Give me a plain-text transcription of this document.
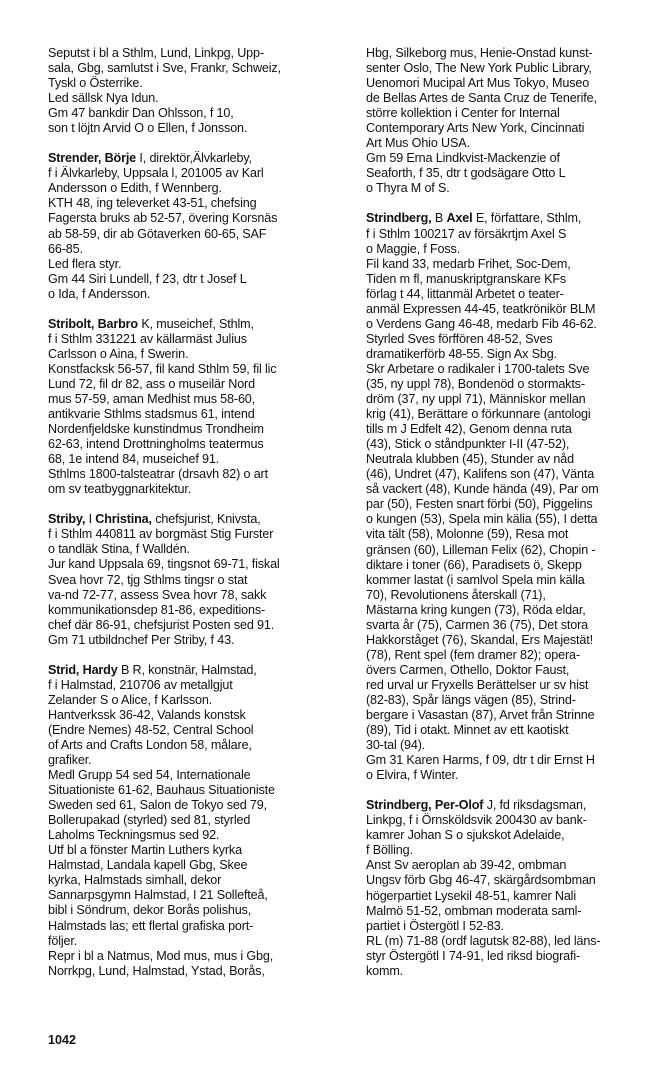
Seputst i bl a Sthlm, Lund, Linkpg, Upp-
sala, Gbg, samlutst i Sve, Frankr, Schweiz,
Tyskl o Österrike.
Led sällsk Nya Idun.
Gm 47 bankdir Dan Ohlsson, f 10,
son t löjtn Arvid O o Ellen, f Jonsson.
Strender, Börje I, direktör,Älvkarleby,
f i Älvkarleby, Uppsala l, 201005 av Karl
Andersson o Edith, f Wennberg.
KTH 48, ing televerket 43-51, chefsing
Fagersta bruks ab 52-57, övering Korsnäs
ab 58-59, dir ab Götaverken 60-65, SAF
66-85.
Led flera styr.
Gm 44 Siri Lundell, f 23, dtr t Josef L
o Ida, f Andersson.
Stribolt, Barbro K, museichef, Sthlm,
f i Sthlm 331221 av källarmäst Julius
Carlsson o Aina, f Swerin.
Konstfacksk 56-57, fil kand Sthlm 59, fil lic
Lund 72, fil dr 82, ass o museilär Nord
mus 57-59, aman Medhist mus 58-60,
antikvarie Sthlms stadsmus 61, intend
Nordenfjeldske kunstindmus Trondheim
62-63, intend Drottningholms teatermus
68, 1e intend 84, museichef 91.
Sthlms 1800-talsteatrar (drsavh 82) o art
om sv teatbyggnarkitektur.
Striby, I Christina, chefsjurist, Knivsta,
f i Sthlm 440811 av borgmäst Stig Furster
o tandläk Stina, f Walldén.
Jur kand Uppsala 69, tingsnot 69-71, fiskal
Svea hovr 72, tjg Sthlms tingsr o stat
va-nd 72-77, assess Svea hovr 78, sakk
kommunikationsdep 81-86, expeditions-
chef där 86-91, chefsjurist Posten sed 91.
Gm 71 utbildnchef Per Striby, f 43.
Strid, Hardy B R, konstnär, Halmstad,
f i Halmstad, 210706 av metallgjut
Zelander S o Alice, f Karlsson.
Hantverkssk 36-42, Valands konstsk
(Endre Nemes) 48-52, Central School
of Arts and Crafts London 58, målare,
grafiker.
Medl Grupp 54 sed 54, Internationale
Situationiste 61-62, Bauhaus Situationiste
Sweden sed 61, Salon de Tokyo sed 79,
Bollerupakad (styrled) sed 81, styrled
Laholms Teckningsmus sed 92.
Utf bl a fönster Martin Luthers kyrka
Halmstad, Landala kapell Gbg, Skee
kyrka, Halmstads simhall, dekor
Sannarpsgymn Halmstad, I 21 Sollefteå,
bibl i Söndrum, dekor Borås polishus,
Halmstads las; ett flertal grafiska port-
följer.
Repr i bl a Natmus, Mod mus, mus i Gbg,
Norrkpg, Lund, Halmstad, Ystad, Borås,
Hbg, Silkeborg mus, Henie-Onstad kunst-
senter Oslo, The New York Public Library,
Uenomori Mucipal Art Mus Tokyo, Museo
de Bellas Artes de Santa Cruz de Tenerife,
större kollektion i Center for Internal
Contemporary Arts New York, Cincinnati
Art Mus Ohio USA.
Gm 59 Erna Lindkvist-Mackenzie of
Seaforth, f 35, dtr t godsägare Otto L
o Thyra M of S.
Strindberg, B Axel E, författare, Sthlm,
f i Sthlm 100217 av försäkrtjm Axel S
o Maggie, f Foss.
Fil kand 33, medarb Frihet, Soc-Dem,
Tiden m fl, manuskriptgranskare KFs
förlag t 44, littanmäl Arbetet o teater-
anmäl Expressen 44-45, teatkrönikör BLM
o Verdens Gang 46-48, medarb Fib 46-62.
Styrled Sves förffören 48-52, Sves
dramatikerförb 48-55. Sign Ax Sbg.
Skr Arbetare o radikaler i 1700-talets Sve
(35, ny uppl 78), Bondenöd o stormakts-
dröm (37, ny uppl 71), Människor mellan
krig (41), Berättare o förkunnare (antologi
tills m J Edfelt 42), Genom denna ruta
(43), Stick o ståndpunkter I-II (47-52),
Neutrala klubben (45), Stunder av nåd
(46), Undret (47), Kalifens son (47), Vänta
så vackert (48), Kunde hända (49), Par om
par (50), Festen snart förbi (50), Piggelins
o kungen (53), Spela min kälia (55), I detta
vita tält (58), Molonne (59), Resa mot
gränsen (60), Lilleman Felix (62), Chopin -
diktare i toner (66), Paradisets ö, Skepp
kommer lastat (i samlvol Spela min källa
70), Revolutionens återskall (71),
Mästarna kring kungen (73), Röda eldar,
svarta år (75), Carmen 36 (75), Det stora
Hakkorståget (76), Skandal, Ers Majestät!
(78), Rent spel (fem dramer 82); opera-
övers Carmen, Othello, Doktor Faust,
red urval ur Fryxells Berättelser ur sv hist
(82-83), Spår längs vägen (85), Strind-
bergare i Vasastan (87), Arvet från Strinne
(89), Tid i otakt. Minnet av ett kaotiskt
30-tal (94).
Gm 31 Karen Harms, f 09, dtr t dir Ernst H
o Elvira, f Winter.
Strindberg, Per-Olof J, fd riksdagsman,
Linkpg, f i Örnsköldsvik 200430 av bank-
kamrer Johan S o sjukskot Adelaide,
f Bölling.
Anst Sv aeroplan ab 39-42, ombman
Ungsv förb Gbg 46-47, skärgårdsombman
högerpartiet Lysekil 48-51, kamrer Nali
Malmö 51-52, ombman moderata saml-
partiet i Östergötl I 52-83.
RL (m) 71-88 (ordf lagutsk 82-88), led läns-
styr Östergötl I 74-91, led riksd biografi-
komm.
1042
